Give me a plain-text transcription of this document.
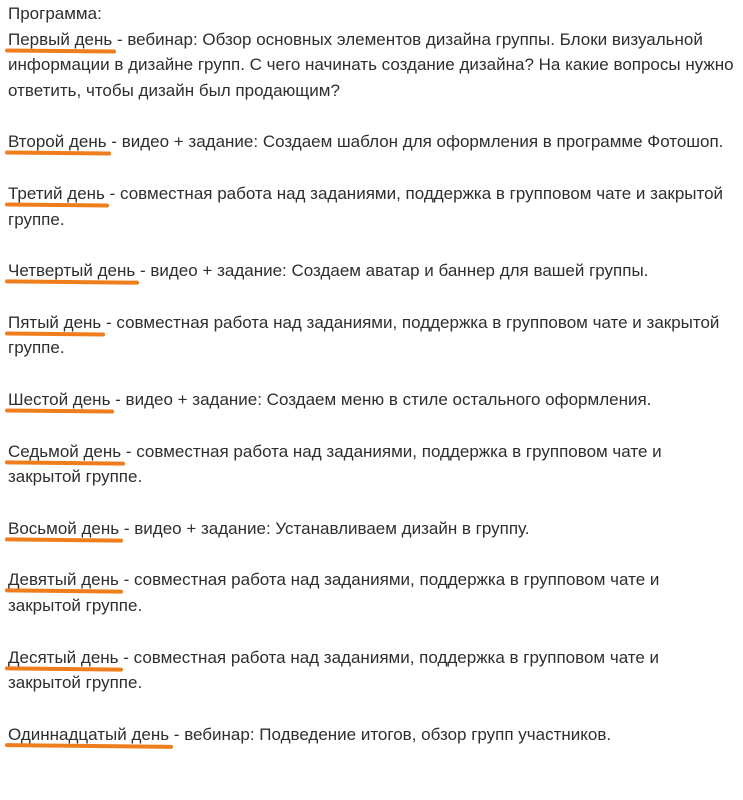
Программа:
Первый день - вебинар: Обзор основных элементов дизайна группы. Блоки визуальной информации в дизайне групп. С чего начинать создание дизайна? На какие вопросы нужно ответить, чтобы дизайн был продающим?
Второй день - видео + задание: Создаем шаблон для оформления в программе Фотошоп.
Третий день - совместная работа над заданиями, поддержка в групповом чате и закрытой группе.
Четвертый день - видео + задание: Создаем аватар и баннер для вашей группы.
Пятый день - совместная работа над заданиями, поддержка в групповом чате и закрытой группе.
Шестой день - видео + задание: Создаем меню в стиле остального оформления.
Седьмой день - совместная работа над заданиями, поддержка в групповом чате и закрытой группе.
Восьмой день - видео + задание: Устанавливаем дизайн в группу.
Девятый день - совместная работа над заданиями, поддержка в групповом чате и закрытой группе.
Десятый день - совместная работа над заданиями, поддержка в групповом чате и закрытой группе.
Одиннадцатый день - вебинар: Подведение итогов, обзор групп участников.
